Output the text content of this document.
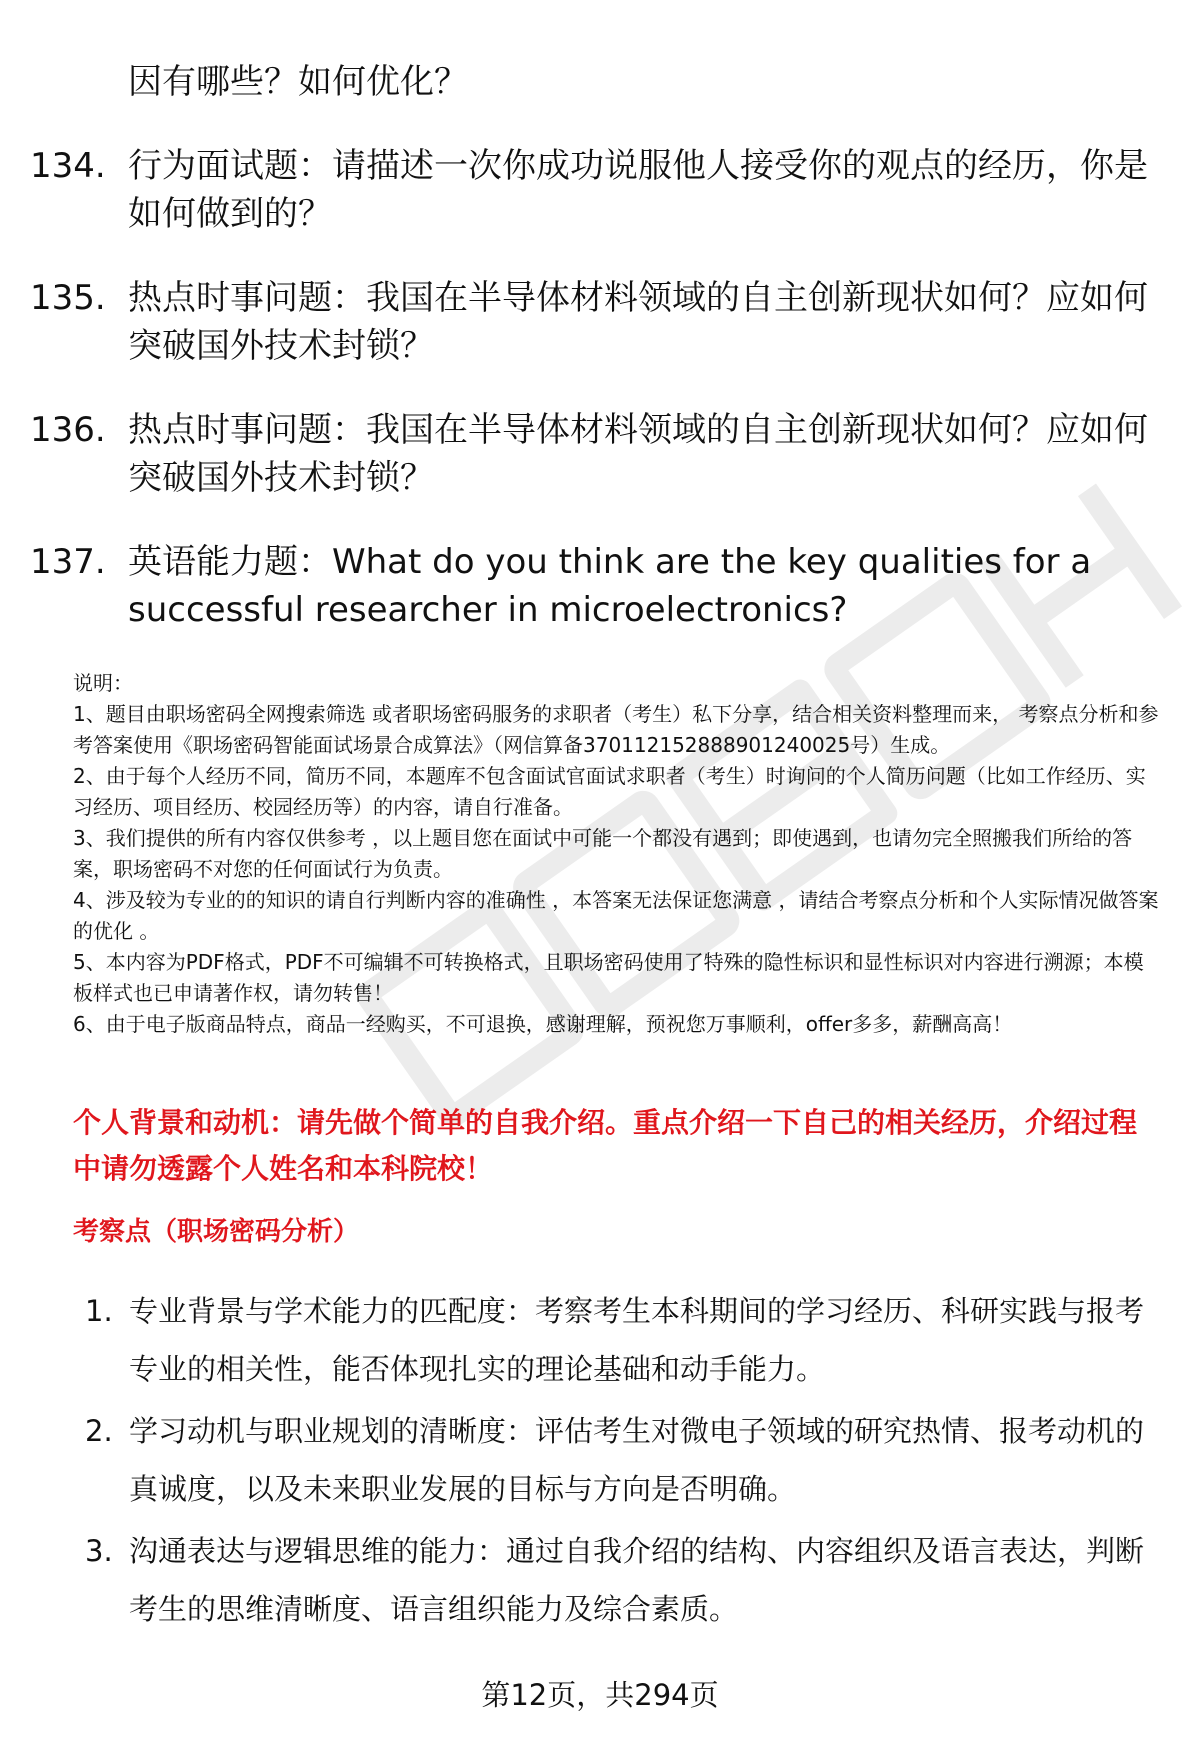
因有哪些？如何优化？
134. 行为面试题：请描述一次你成功说服他人接受你的观点的经历，你是如何做到的？
135. 热点时事问题：我国在半导体材料领域的自主创新现状如何？应如何突破国外技术封锁？
136. 热点时事问题：我国在半导体材料领域的自主创新现状如何？应如何突破国外技术封锁？
137. 英语能力题：What do you think are the key qualities for a successful researcher in microelectronics?

说明：

1、题目由职场密码全网搜索筛选 或者职场密码服务的求职者（考生）私下分享，结合相关资料整理而来， 考察点分析和参考答案使用《职场密码智能面试场景合成算法》（网信算备370112152888901240025号）生成。

2、由于每个人经历不同，简历不同，本题库不包含面试官面试求职者（考生）时询问的个人简历问题（比如工作经历、实习经历、项目经历、校园经历等）的内容，请自行准备。

3、我们提供的所有内容仅供参考 ，以上题目您在面试中可能一个都没有遇到；即使遇到，也请勿完全照搬我们所给的答案，职场密码不对您的任何面试行为负责。

4、涉及较为专业的的知识的请自行判断内容的准确性 ，本答案无法保证您满意 ，请结合考察点分析和个人实际情况做答案的优化 。

5、本内容为PDF格式，PDF不可编辑不可转换格式，且职场密码使用了特殊的隐性标识和显性标识对内容进行溯源；本模板样式也已申请著作权，请勿转售！

6、由于电子版商品特点，商品一经购买，不可退换，感谢理解，预祝您万事顺利，offer多多，薪酬高高！

个人背景和动机：请先做个简单的自我介绍。重点介绍一下自己的相关经历，介绍过程中请勿透露个人姓名和本科院校！
考察点（职场密码分析）
1. 专业背景与学术能力的匹配度：考察考生本科期间的学习经历、科研实践与报考专业的相关性，能否体现扎实的理论基础和动手能力。
2. 学习动机与职业规划的清晰度：评估考生对微电子领域的研究热情、报考动机的真诚度，以及未来职业发展的目标与方向是否明确。
3. 沟通表达与逻辑思维的能力：通过自我介绍的结构、内容组织及语言表达，判断考生的思维清晰度、语言组织能力及综合素质。
第12页，共294页
